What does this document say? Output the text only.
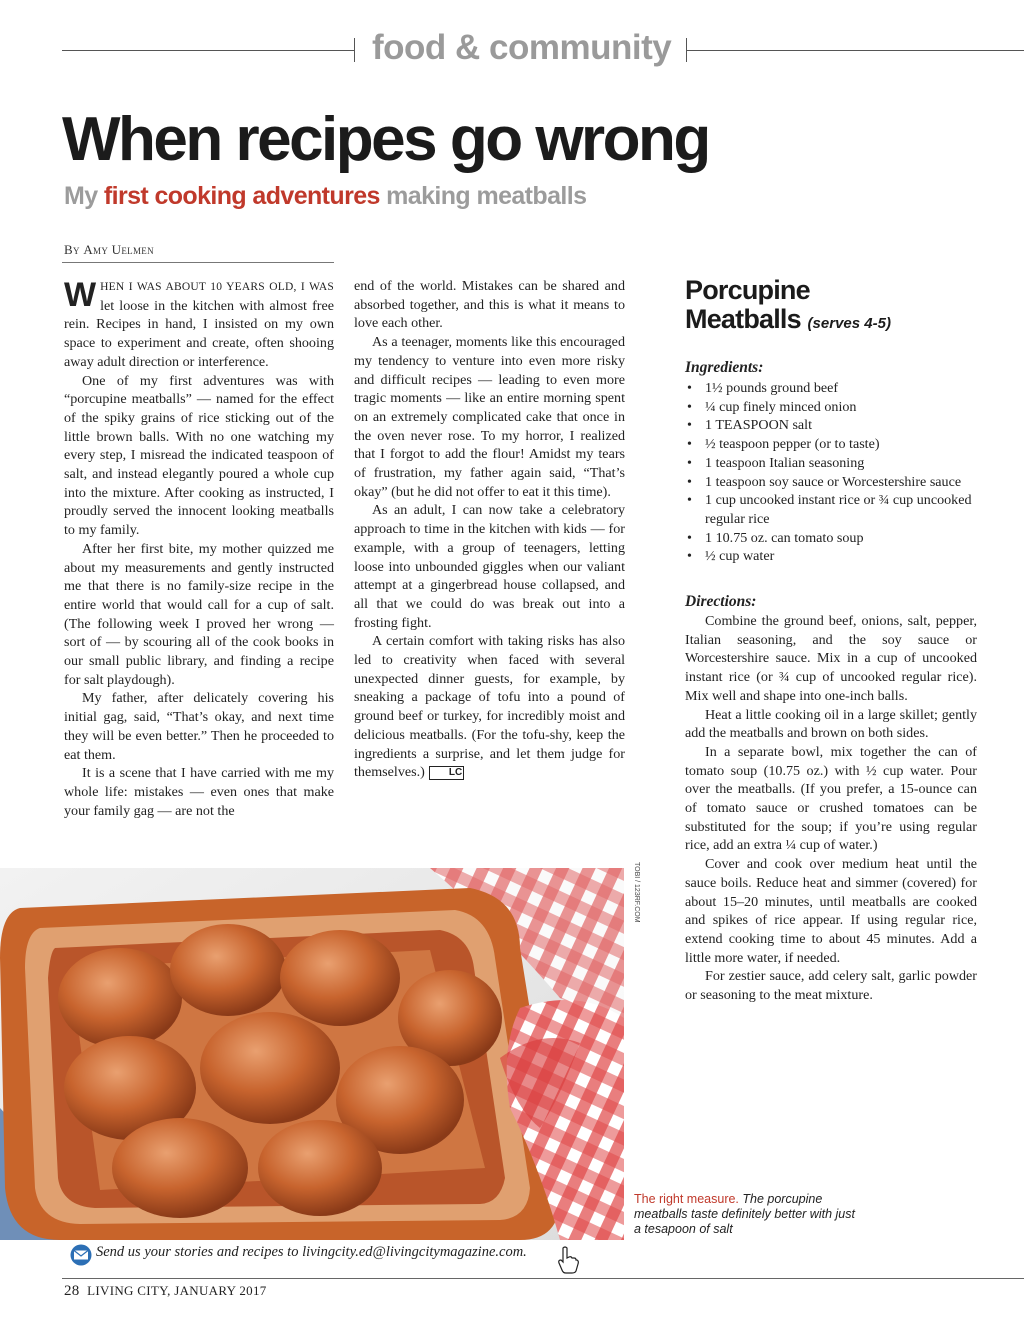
food & community
When recipes go wrong
My first cooking adventures making meatballs
By Amy Uelmen

WHEN I WAS ABOUT 10 YEARS OLD, I WAS let loose in the kitchen with almost free rein. Recipes in hand, I insisted on my own space to experiment and create, often shooing away adult direction or interference.

One of my first adventures was with “porcupine meatballs” — named for the effect of the spiky grains of rice sticking out of the little brown balls. With no one watching my every step, I misread the indicated teaspoon of salt, and instead elegantly poured a whole cup into the mixture. After cooking as instructed, I proudly served the innocent looking meatballs to my family.

After her first bite, my mother quizzed me about my measurements and gently instructed me that there is no family-size recipe in the entire world that would call for a cup of salt. (The following week I proved her wrong — sort of — by scouring all of the cook books in our small public library, and finding a recipe for salt playdough).

My father, after delicately covering his initial gag, said, “That’s okay, and next time they will be even better.” Then he proceeded to eat them.

It is a scene that I have carried with me my whole life: mistakes — even ones that make your family gag — are not the

end of the world. Mistakes can be shared and absorbed together, and this is what it means to love each other.

As a teenager, moments like this encouraged my tendency to venture into even more risky and difficult recipes — leading to even more tragic moments — like an entire morning spent on an extremely complicated cake that once in the oven never rose. To my horror, I realized that I forgot to add the flour! Amidst my tears of frustration, my father again said, “That’s okay” (but he did not offer to eat it this time).

As an adult, I can now take a celebratory approach to time in the kitchen with kids — for example, with a group of teenagers, letting loose into unbounded giggles when our valiant attempt at a gingerbread house collapsed, and all that we could do was break out into a frosting fight.

A certain comfort with taking risks has also led to creativity when faced with several unexpected dinner guests, for example, by sneaking a package of tofu into a pound of ground beef or turkey, for incredibly moist and delicious meatballs. (For the tofu-shy, keep the ingredients a surprise, and let them judge for themselves.) LC

Porcupine
Meatballs (serves 4-5)
Ingredients:
• 1½ pounds ground beef
• ¼ cup finely minced onion
• 1 TEASPOON salt
• ½ teaspoon pepper (or to taste)
• 1 teaspoon Italian seasoning
• 1 teaspoon soy sauce or Worcestershire sauce
• 1 cup uncooked instant rice or ¾ cup uncooked regular rice
• 1 10.75 oz. can tomato soup
• ½ cup water
Directions:

Combine the ground beef, onions, salt, pepper, Italian seasoning, and the soy sauce or Worcestershire sauce. Mix in a cup of uncooked instant rice (or ¾ cup of uncooked regular rice). Mix well and shape into one-inch balls.

Heat a little cooking oil in a large skillet; gently add the meatballs and brown on both sides.

In a separate bowl, mix together the can of tomato soup (10.75 oz.) with ½ cup water. Pour over the meatballs. (If you prefer, a 15-ounce can of tomato sauce or crushed tomatoes can be substituted for the soup; if you’re using regular rice, add an extra ¼ cup of water.)

Cover and cook over medium heat until the sauce boils. Reduce heat and simmer (covered) for about 15–20 minutes, until meatballs are cooked and spikes of rice appear. If using regular rice, extend cooking time to about 45 minutes. Add a little more water, if needed.

For zestier sauce, add celery salt, garlic powder or seasoning to the meat mixture.

TOBI / 123RF.COM
The right measure. The porcupine meatballs taste definitely better with just a tesapoon of salt
Send us your stories and recipes to livingcity.ed@livingcitymagazine.com.
28 LIVING CITY, JANUARY 2017
